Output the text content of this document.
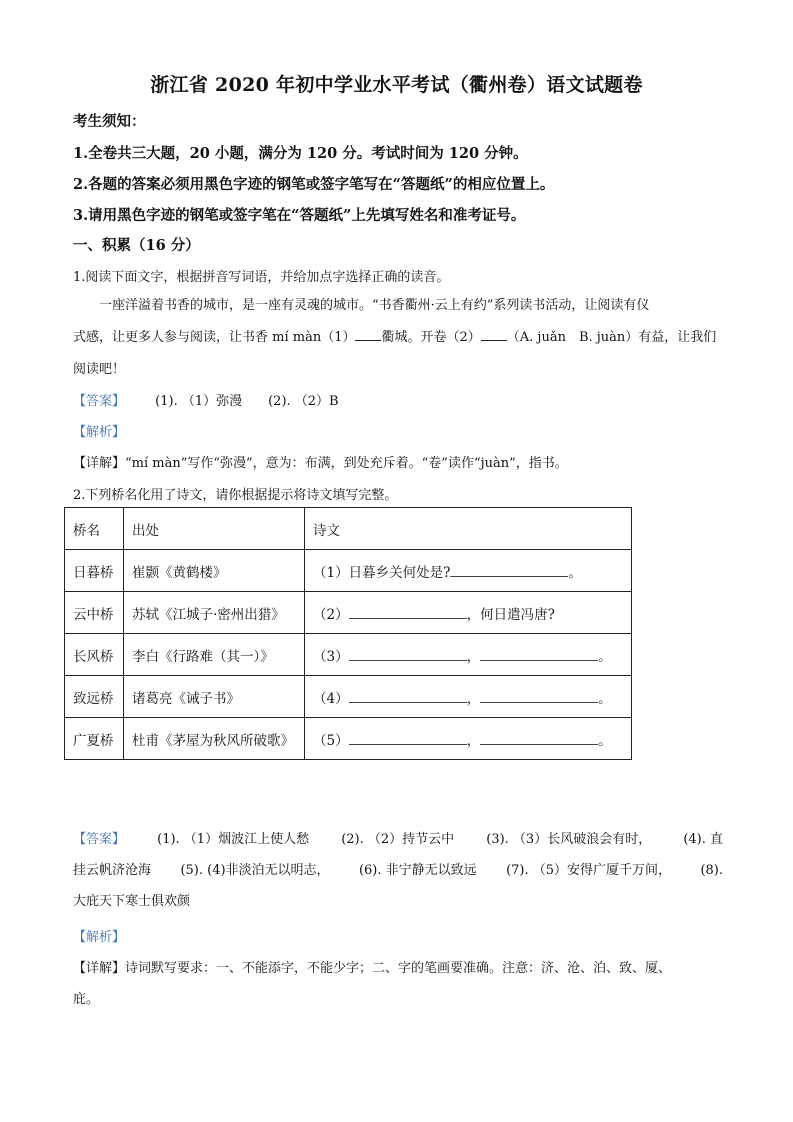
浙江省 2020 年初中学业水平考试（衢州卷）语文试题卷
考生须知：
1.全卷共三大题，20 小题，满分为 120 分。考试时间为 120 分钟。
2.各题的答案必须用黑色字迹的钢笔或签字笔写在“答题纸”的相应位置上。
3.请用黑色字迹的钢笔或签字笔在“答题纸”上先填写姓名和准考证号。
一、积累（16 分）
1.阅读下面文字，根据拼音写词语，并给加点字选择正确的读音。
一座洋溢着书香的城市，是一座有灵魂的城市。“书香衢州·云上有约”系列读书活动，让阅读有仪
式感，让更多人参与阅读，让书香 mí màn（1） 衢城。开卷（2） （A. juǎn　B. juàn）有益，让我们
阅读吧！
【答案】 (1). （1）弥漫　　(2). （2）B
【解析】
【详解】“mí màn”写作“弥漫”，意为：布满，到处充斥着。“卷”读作“juàn”，指书。
2.下列桥名化用了诗文，请你根据提示将诗文填写完整。
桥名	出处	诗文
日暮桥	崔颢《黄鹤楼》	（1）日暮乡关何处是? 。
云中桥	苏轼《江城子·密州出猎》	（2） ，何日遣冯唐?
长风桥	李白《行路难（其一）》	（3） ， 。
致远桥	诸葛亮《诫子书》	（4） ， 。
广夏桥	杜甫《茅屋为秋风所破歌》	（5） ， 。
【答案】 (1). （1）烟波江上使人愁 (2). （2）持节云中 (3). （3）长风破浪会有时， (4). 直
挂云帆济沧海 (5). (4)非淡泊无以明志， (6). 非宁静无以致远 (7). （5）安得广厦千万间， (8).
大庇天下寒士俱欢颜
【解析】
【详解】诗词默写要求：一、不能添字，不能少字；二、字的笔画要准确。注意：济、沧、泊、致、厦、
庇。
